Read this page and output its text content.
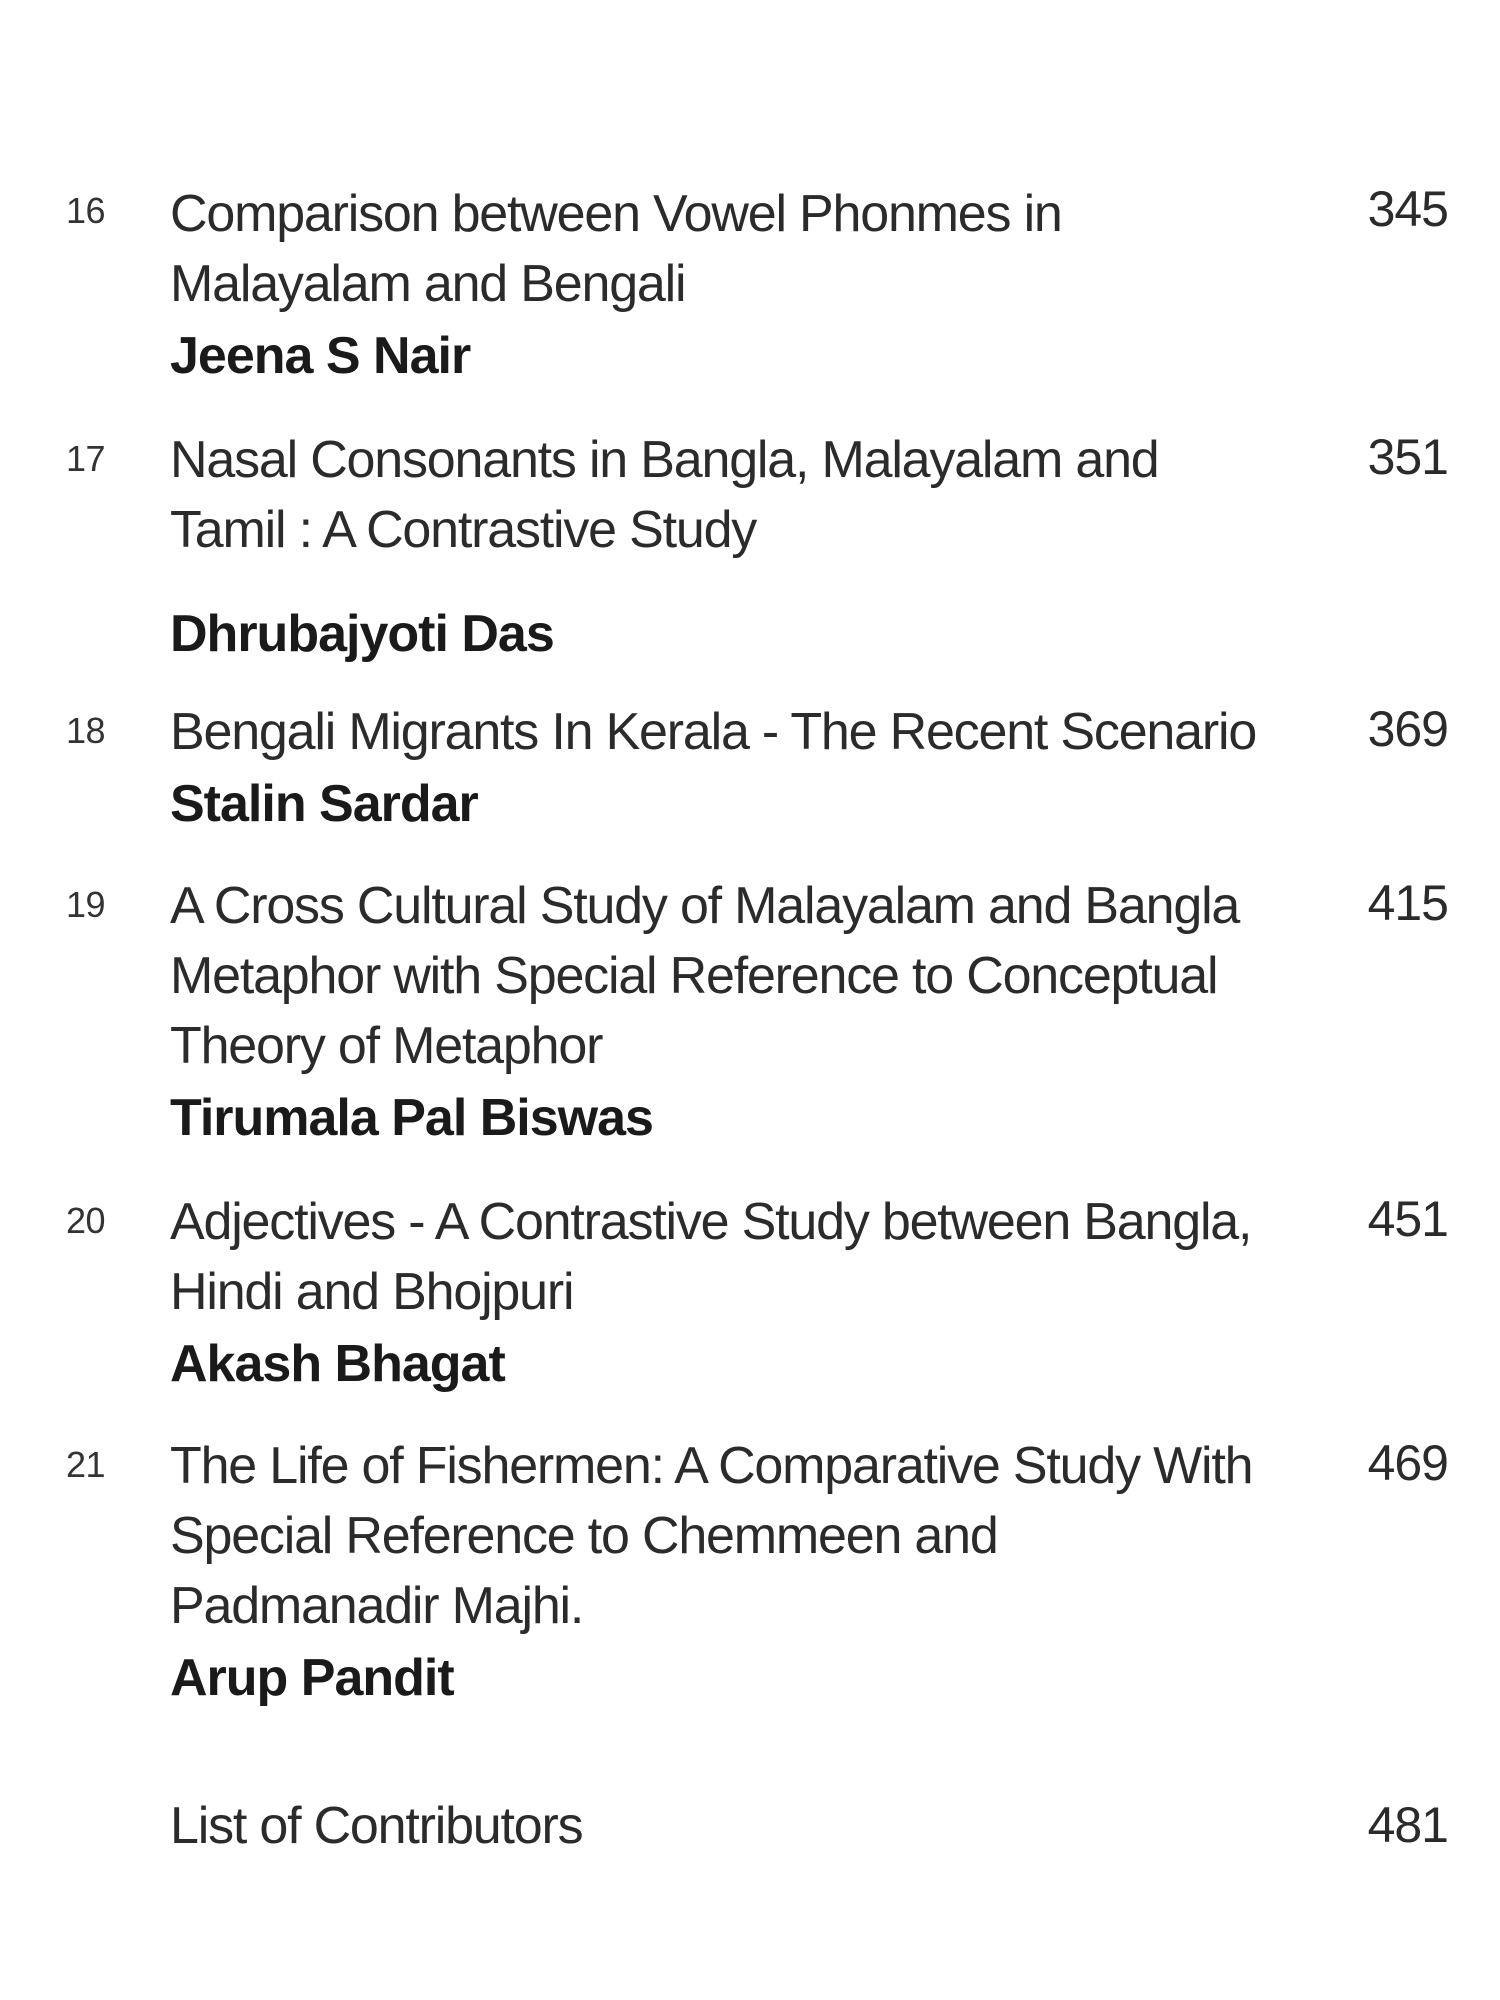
16 Comparison between Vowel Phonmes in
Malayalam and Bengali
Jeena S Nair
345
17 Nasal Consonants in Bangla, Malayalam and
Tamil : A Contrastive Study
Dhrubajyoti Das
351
18 Bengali Migrants In Kerala - The Recent Scenario
Stalin Sardar
369
19 A Cross Cultural Study of Malayalam and Bangla
Metaphor with Special Reference to Conceptual
Theory of Metaphor
Tirumala Pal Biswas
415
20 Adjectives - A Contrastive Study between Bangla,
Hindi and Bhojpuri
Akash Bhagat
451
21 The Life of Fishermen: A Comparative Study With
Special Reference to Chemmeen and
Padmanadir Majhi.
Arup Pandit
469
List of Contributors	481
